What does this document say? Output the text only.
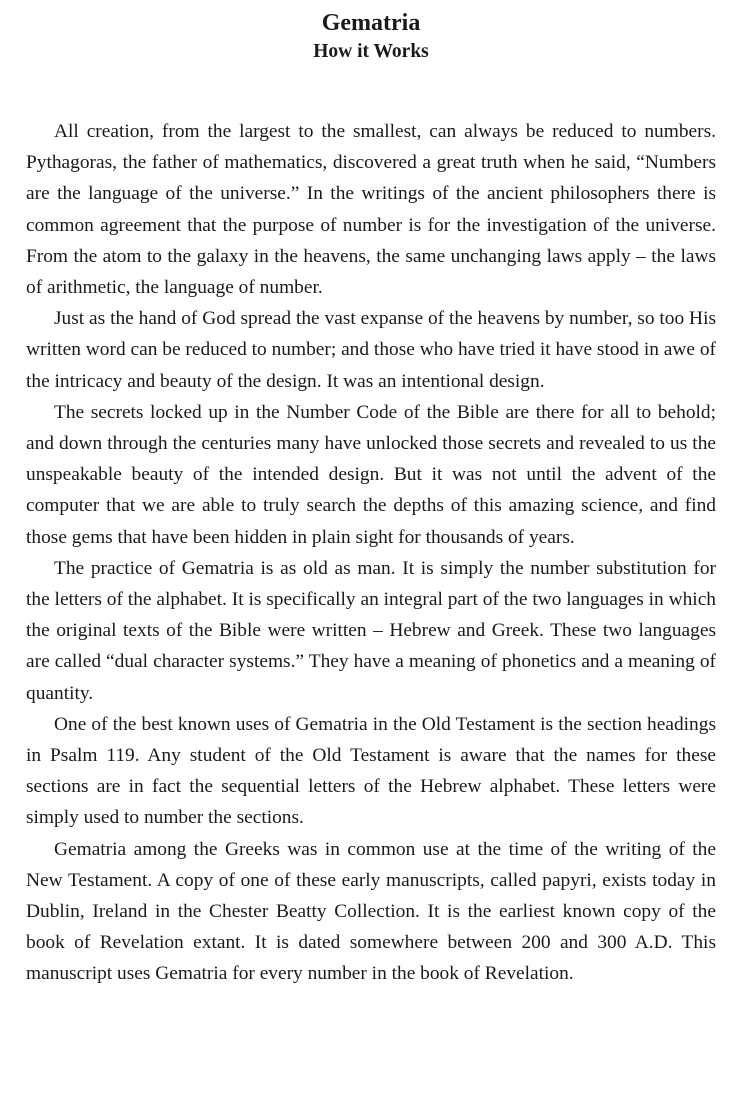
Gematria
How it Works

All creation, from the largest to the smallest, can always be reduced to numbers. Pythagoras, the father of mathematics, discovered a great truth when he said, “Numbers are the language of the universe.” In the writings of the ancient philosophers there is common agreement that the purpose of number is for the investigation of the universe. From the atom to the galaxy in the heavens, the same unchanging laws apply – the laws of arithmetic, the language of number.

Just as the hand of God spread the vast expanse of the heavens by number, so too His written word can be reduced to number; and those who have tried it have stood in awe of the intricacy and beauty of the design. It was an intentional design.

The secrets locked up in the Number Code of the Bible are there for all to behold; and down through the centuries many have unlocked those secrets and revealed to us the unspeakable beauty of the intended design. But it was not until the advent of the computer that we are able to truly search the depths of this amazing science, and find those gems that have been hidden in plain sight for thousands of years.

The practice of Gematria is as old as man. It is simply the number substitution for the letters of the alphabet. It is specifically an integral part of the two languages in which the original texts of the Bible were written – Hebrew and Greek. These two languages are called “dual character systems.” They have a meaning of phonetics and a meaning of quantity.

One of the best known uses of Gematria in the Old Testament is the section headings in Psalm 119. Any student of the Old Testament is aware that the names for these sections are in fact the sequential letters of the Hebrew alphabet. These letters were simply used to number the sections.

Gematria among the Greeks was in common use at the time of the writing of the New Testament. A copy of one of these early manuscripts, called papyri, exists today in Dublin, Ireland in the Chester Beatty Collection. It is the earliest known copy of the book of Revelation extant. It is dated somewhere between 200 and 300 A.D. This manuscript uses Gematria for every number in the book of Revelation.
